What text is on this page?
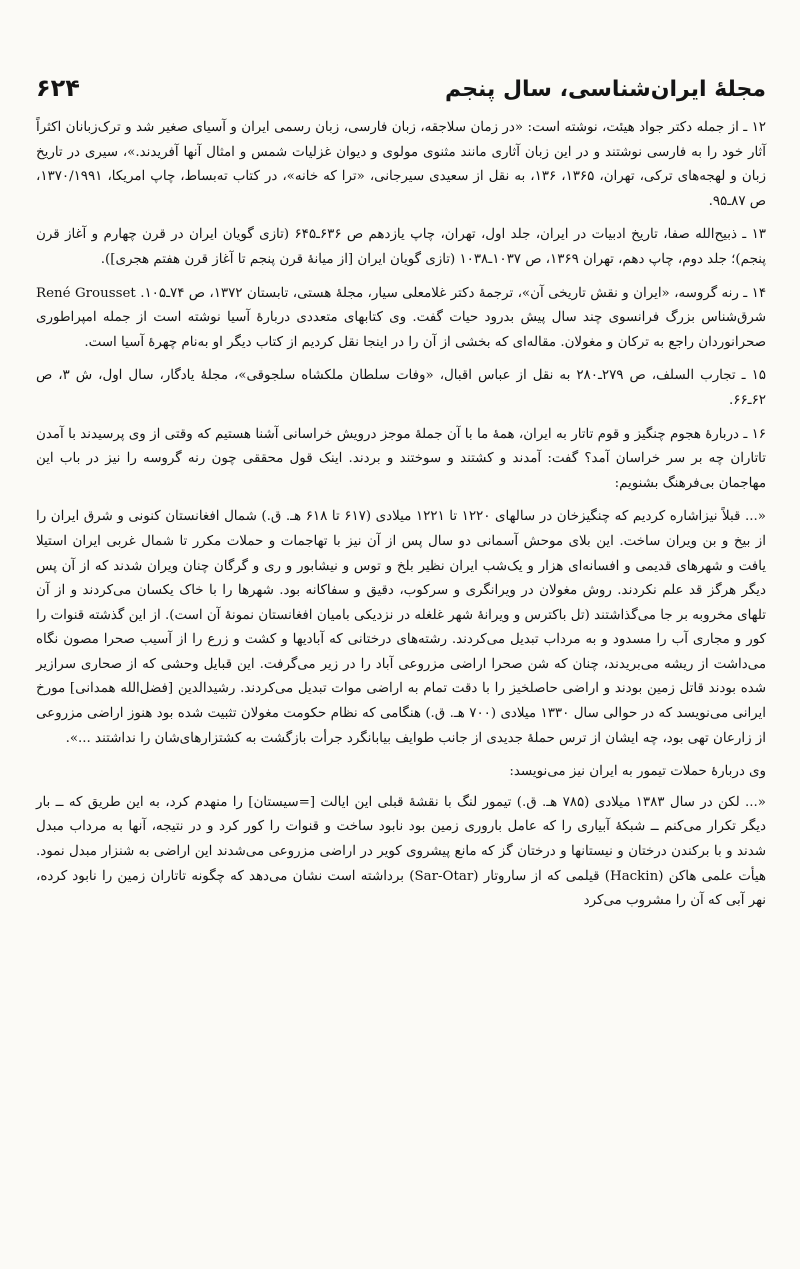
مجلهٔ ایران‌شناسی، سال پنجم
۶۲۴

۱۲ ـ از جمله دکتر جواد هیئت، نوشته است: «در زمان سلاجقه، زبان فارسی، زبان رسمی ایران و آسیای صغیر شد و ترک‌زبانان اکثراً آثار خود را به فارسی نوشتند و در این زبان آثاری مانند مثنوی مولوی و دیوان غزلیات شمس و امثال آنها آفریدند.»، سیری در تاریخ زبان و لهجه‌های ترکی، تهران، ۱۳۶۵، ۱۳۶، به نقل از سعیدی سیرجانی، «ترا که خانه»، در کتاب ته‌بساط، چاپ امریکا، ۱۳۷۰/۱۹۹۱، ص ۸۷ـ۹۵.

۱۳ ـ ذبیح‌الله صفا، تاریخ ادبیات در ایران، جلد اول، تهران، چاپ یازدهم ص ۶۳۶ـ۶۴۵ (تازی گویان ایران در قرن چهارم و آغاز قرن پنجم)؛ جلد دوم، چاپ دهم، تهران ۱۳۶۹، ص ۱۰۳۷ـ۱۰۳۸ (تازی گویان ایران [از میانهٔ قرن پنجم تا آغاز قرن هفتم هجری]).

۱۴ ـ رنه گروسه، «ایران و نقش تاریخی آن»، ترجمهٔ دکتر غلامعلی سیار، مجلهٔ هستی، تابستان ۱۳۷۲، ص ۷۴ـ۱۰۵. René Grousset شرق‌شناس بزرگ فرانسوی چند سال پیش بدرود حیات گفت. وی کتابهای متعددی دربارهٔ آسیا نوشته است از جمله امپراطوری صحرانوردان راجع به ترکان و مغولان. مقاله‌ای که بخشی از آن را در اینجا نقل کردیم از کتاب دیگر او به‌نام چهرهٔ آسیا است.

۱۵ ـ تجارب السلف، ص ۲۷۹ـ۲۸۰ به نقل از عباس اقبال، «وفات سلطان ملکشاه سلجوقی»، مجلهٔ یادگار، سال اول، ش ۳، ص ۶۲ـ۶۶.

۱۶ ـ دربارهٔ هجوم چنگیز و قوم تاتار به ایران، همهٔ ما با آن جملهٔ موجز درویش خراسانی آشنا هستیم که وقتی از وی پرسیدند با آمدن تاتاران چه بر سر خراسان آمد؟ گفت: آمدند و کشتند و سوختند و بردند. اینک قول محققی چون رنه گروسه را نیز در باب این مهاجمان بی‌فرهنگ بشنویم:

«... قبلاً نیزاشاره کردیم که چنگیزخان در سالهای ۱۲۲۰ تا ۱۲۲۱ میلادی (۶۱۷ تا ۶۱۸ هـ. ق.) شمال افغانستان کنونی و شرق ایران را از بیخ و بن ویران ساخت. این بلای موحش آسمانی دو سال پس از آن نیز با تهاجمات و حملات مکرر تا شمال غربی ایران استیلا یافت و شهرهای قدیمی و افسانه‌ای هزار و یک‌شب ایران نظیر بلخ و توس و نیشابور و ری و گرگان چنان ویران شدند که از آن پس دیگر هرگز قد علم نکردند. روش مغولان در ویرانگری و سرکوب، دقیق و سفاکانه بود. شهرها را با خاک یکسان می‌کردند و از آن تلهای مخروبه بر جا می‌گذاشتند (تل باکترس و ویرانهٔ شهر غلغله در نزدیکی بامیان افغانستان نمونهٔ آن است). از این گذشته قنوات را کور و مجاری آب را مسدود و به مرداب تبدیل می‌کردند. رشته‌های درختانی که آبادیها و کشت و زرع را از آسیب صحرا مصون نگاه می‌داشت از ریشه می‌بریدند، چنان که شن صحرا اراضی مزروعی آباد را در زیر می‌گرفت. این قبایل وحشی که از صحاری سرازیر شده بودند قاتل زمین بودند و اراضی حاصلخیز را با دقت تمام به اراضی موات تبدیل می‌کردند. رشیدالدین [فضل‌الله همدانی] مورخ ایرانی می‌نویسد که در حوالی سال ۱۳۳۰ میلادی (۷۰۰ هـ. ق.) هنگامی که نظام حکومت مغولان تثبیت شده بود هنوز اراضی مزروعی از زارعان تهی بود، چه ایشان از ترس حملهٔ جدیدی از جانب طوایف بیابانگرد جرأت بازگشت به کشتزارهای‌شان را نداشتند ...».

وی دربارهٔ حملات تیمور به ایران نیز می‌نویسد:

«... لکن در سال ۱۳۸۳ میلادی (۷۸۵ هـ. ق.) تیمور لنگ با نقشهٔ قبلی این ایالت [=سیستان] را منهدم کرد، به این طریق که ــ بار دیگر تکرار می‌کنم ــ شبکهٔ آبیاری را که عامل باروری زمین بود نابود ساخت و قنوات را کور کرد و در نتیجه، آنها به مرداب مبدل شدند و با برکندن درختان و نیستانها و درختان گز که مانع پیشروی کویر در اراضی مزروعی می‌شدند این اراضی به شنزار مبدل نمود. هیأت علمی هاکن (Hackin) قیلمی که از ساروتار (Sar-Otar) برداشته است نشان می‌دهد که چگونه تاتاران زمین را نابود کرده، نهر آبی که آن را مشروب می‌کرد
